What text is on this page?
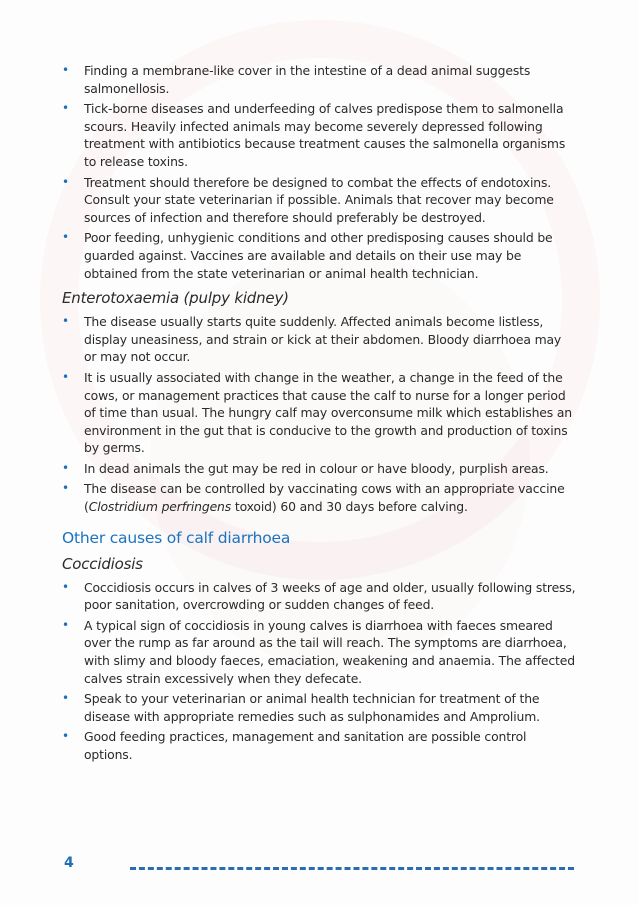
• Finding a membrane-like cover in the intestine of a dead animal suggests salmonellosis.
• Tick-borne diseases and underfeeding of calves predispose them to salmonella scours. Heavily infected animals may become severely depressed following treatment with antibiotics because treatment causes the salmonella organisms to release toxins.
• Treatment should therefore be designed to combat the effects of endotoxins. Consult your state veterinarian if possible. Animals that recover may become sources of infection and therefore should preferably be destroyed.
• Poor feeding, unhygienic conditions and other predisposing causes should be guarded against. Vaccines are available and details on their use may be obtained from the state veterinarian or animal health technician.
Enterotoxaemia (pulpy kidney)
• The disease usually starts quite suddenly. Affected animals become listless, display uneasiness, and strain or kick at their abdomen. Bloody diarrhoea may or may not occur.
• It is usually associated with change in the weather, a change in the feed of the cows, or management practices that cause the calf to nurse for a longer period of time than usual. The hungry calf may overconsume milk which establishes an environment in the gut that is conducive to the growth and production of toxins by germs.
• In dead animals the gut may be red in colour or have bloody, purplish areas.
• The disease can be controlled by vaccinating cows with an appropriate vaccine (Clostridium perfringens toxoid) 60 and 30 days before calving.
Other causes of calf diarrhoea
Coccidiosis
• Coccidiosis occurs in calves of 3 weeks of age and older, usually following stress, poor sanitation, overcrowding or sudden changes of feed.
• A typical sign of coccidiosis in young calves is diarrhoea with faeces smeared over the rump as far around as the tail will reach. The symptoms are diarrhoea, with slimy and bloody faeces, emaciation, weakening and anaemia. The affected calves strain excessively when they defecate.
• Speak to your veterinarian or animal health technician for treatment of the disease with appropriate remedies such as sulphonamides and Amprolium.
• Good feeding practices, management and sanitation are possible control options.
4
